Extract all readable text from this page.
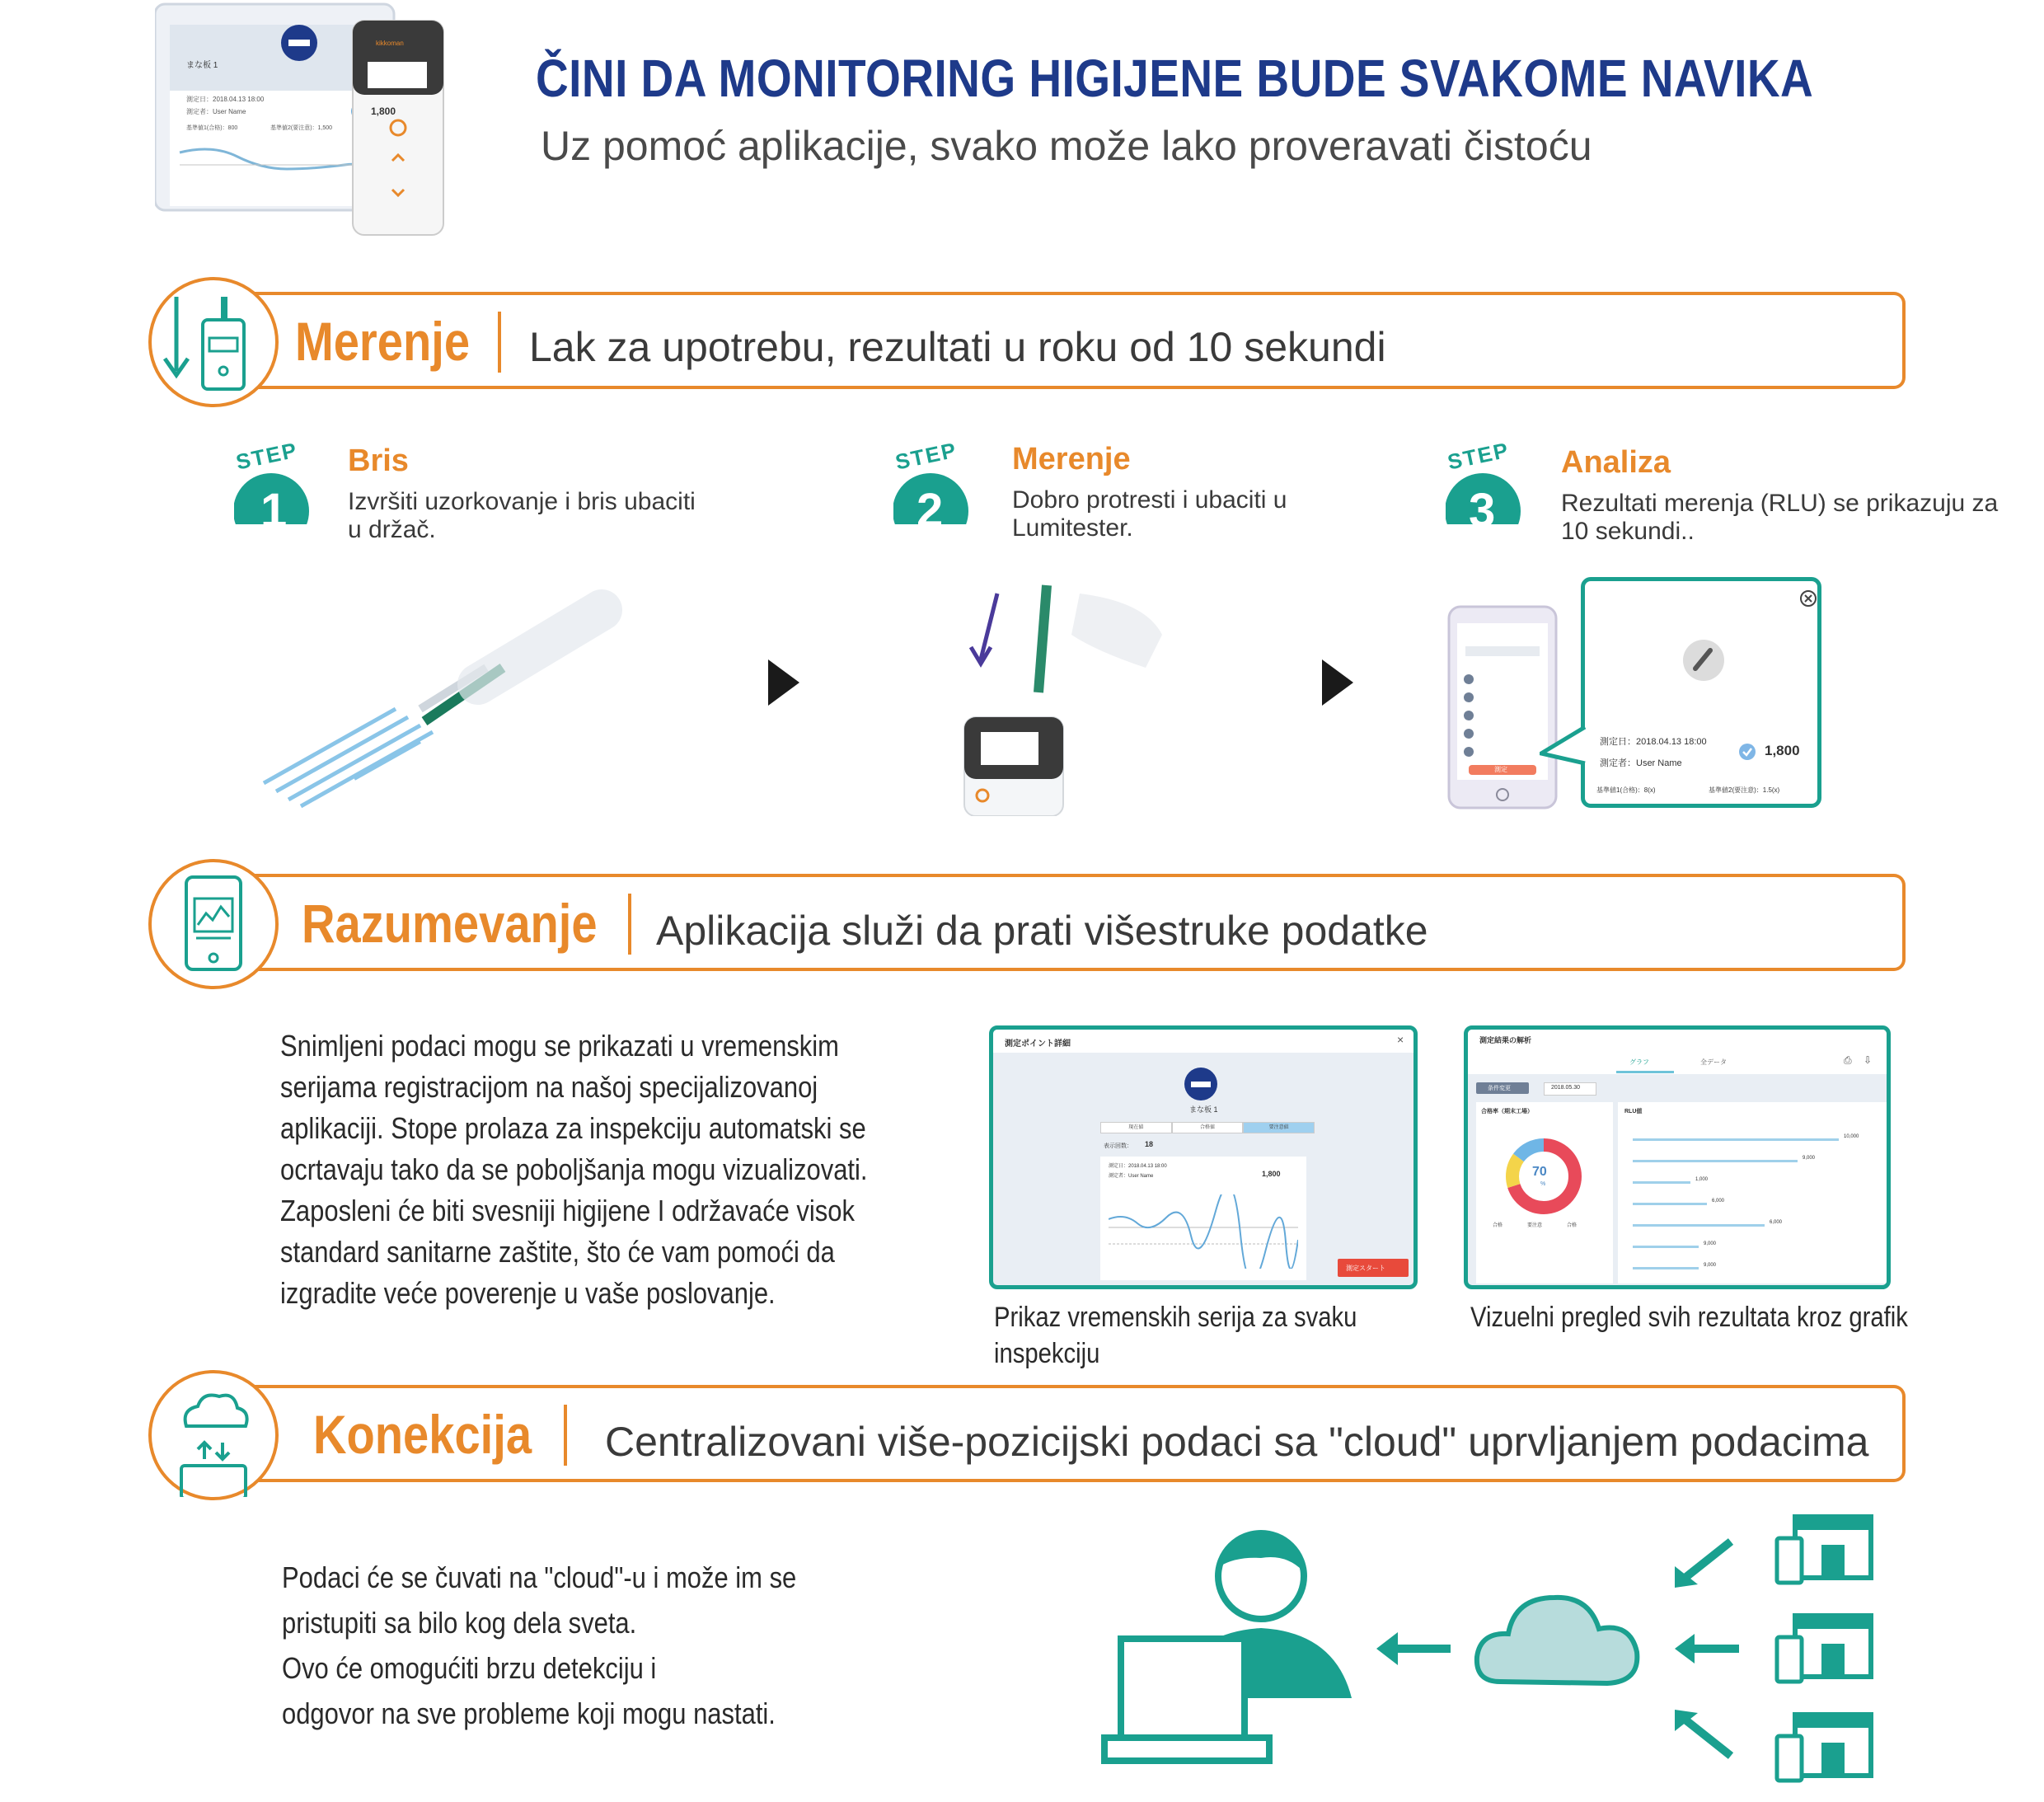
まな板 1
測定日：2018.04.13 18:00
測定者：User Name	1,800
基準値1(合格)：800	基準値2(要注意)：1,500
kikkoman
ČINI DA MONITORING HIGIJENE BUDE SVAKOME NAVIKA
Uz pomoć aplikacije, svako može lako proveravati čistoću
Merenje Lak za upotrebu, rezultati u roku od 10 sekundi
STEP
1
Bris
Izvršiti uzorkovanje i bris ubaciti u držač.
STEP
2
Merenje
Dobro protresti i ubaciti u Lumitester.
STEP
3
Analiza
Rezultati merenja (RLU) se prikazuju za 10 sekundi..
測定
測定日：2018.04.13 18:00
測定者：User Name
1,800
基準値1(合格)：8(x)	基準値2(要注意)：1.5(x)
Razumevanje Aplikacija služi da prati višestruke podatke
Snimljeni podaci mogu se prikazati u vremenskim serijama registracijom na našoj specijalizovanoj aplikaciji. Stope prolaza za inspekciju automatski se ocrtavaju tako da se poboljšanja mogu vizualizovati. Zaposleni će biti svesniji higijene I održavaće visok standard sanitarne zaštite, što će vam pomoći da izgradite veće poverenje u vaše poslovanje.
測定ポイント詳細	×
まな板 1
現在値	合格値	要注意値
表示回数： 18
測定日：2018.04.13 18:00
測定者：User Name	1,800
測定スタート
Prikaz vremenskih serija za svaku inspekciju
測定結果の解析
グラフ	全データ	⎙ ⇩
条件変更	2018.05.30
合格率（期末工場）
70
%
合格	要注意	合格
RLU値
10,000
9,000
1,000
6,000
6,000
9,000
9,000
Vizuelni pregled svih rezultata kroz grafik
Konekcija Centralizovani više-pozicijski podaci sa "cloud" uprvljanjem podacima
Podaci će se čuvati na "cloud"-u i može im se
pristupiti sa bilo kog dela sveta.
Ovo će omogućiti brzu detekciju i
odgovor na sve probleme koji mogu nastati.
